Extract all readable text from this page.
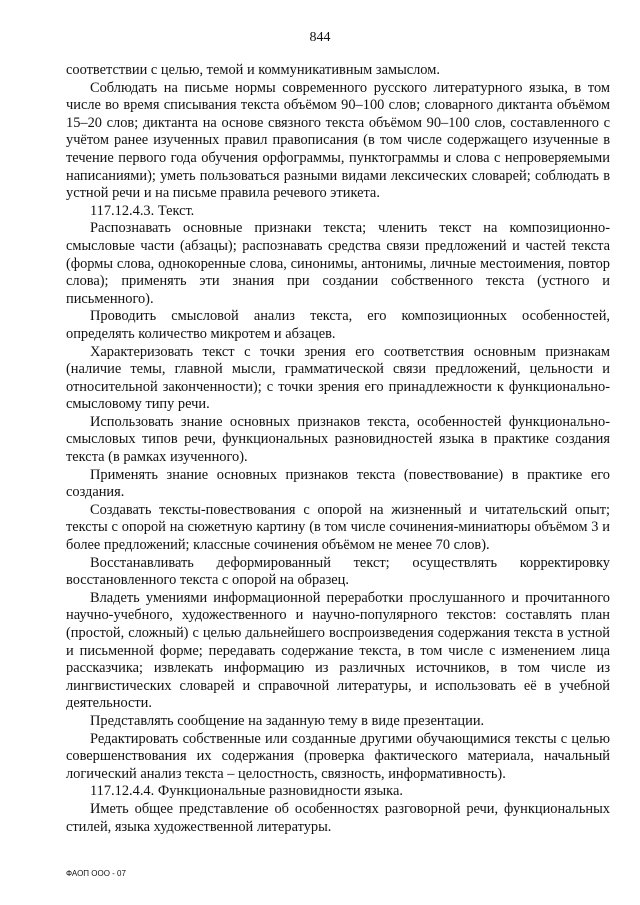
844

соответствии с целью, темой и коммуникативным замыслом.

Соблюдать на письме нормы современного русского литературного языка, в том числе во время списывания текста объёмом 90–100 слов; словарного диктанта объёмом 15–20 слов; диктанта на основе связного текста объёмом 90–100 слов, составленного с учётом ранее изученных правил правописания (в том числе содержащего изученные в течение первого года обучения орфограммы, пунктограммы и слова с непроверяемыми написаниями); уметь пользоваться разными видами лексических словарей; соблюдать в устной речи и на письме правила речевого этикета.

117.12.4.3. Текст.

Распознавать основные признаки текста; членить текст на композиционно-смысловые части (абзацы); распознавать средства связи предложений и частей текста (формы слова, однокоренные слова, синонимы, антонимы, личные местоимения, повтор слова); применять эти знания при создании собственного текста (устного и письменного).

Проводить смысловой анализ текста, его композиционных особенностей, определять количество микротем и абзацев.

Характеризовать текст с точки зрения его соответствия основным признакам (наличие темы, главной мысли, грамматической связи предложений, цельности и относительной законченности); с точки зрения его принадлежности к функционально-смысловому типу речи.

Использовать знание основных признаков текста, особенностей функционально-смысловых типов речи, функциональных разновидностей языка в практике создания текста (в рамках изученного).

Применять знание основных признаков текста (повествование) в практике его создания.

Создавать тексты-повествования с опорой на жизненный и читательский опыт; тексты с опорой на сюжетную картину (в том числе сочинения-миниатюры объёмом 3 и более предложений; классные сочинения объёмом не менее 70 слов).

Восстанавливать деформированный текст; осуществлять корректировку восстановленного текста с опорой на образец.

Владеть умениями информационной переработки прослушанного и прочитанного научно-учебного, художественного и научно-популярного текстов: составлять план (простой, сложный) с целью дальнейшего воспроизведения содержания текста в устной и письменной форме; передавать содержание текста, в том числе с изменением лица рассказчика; извлекать информацию из различных источников, в том числе из лингвистических словарей и справочной литературы, и использовать её в учебной деятельности.

Представлять сообщение на заданную тему в виде презентации.

Редактировать собственные или созданные другими обучающимися тексты с целью совершенствования их содержания (проверка фактического материала, начальный логический анализ текста – целостность, связность, информативность).

117.12.4.4. Функциональные разновидности языка.

Иметь общее представление об особенностях разговорной речи, функциональных стилей, языка художественной литературы.

ФАОП ООО - 07
